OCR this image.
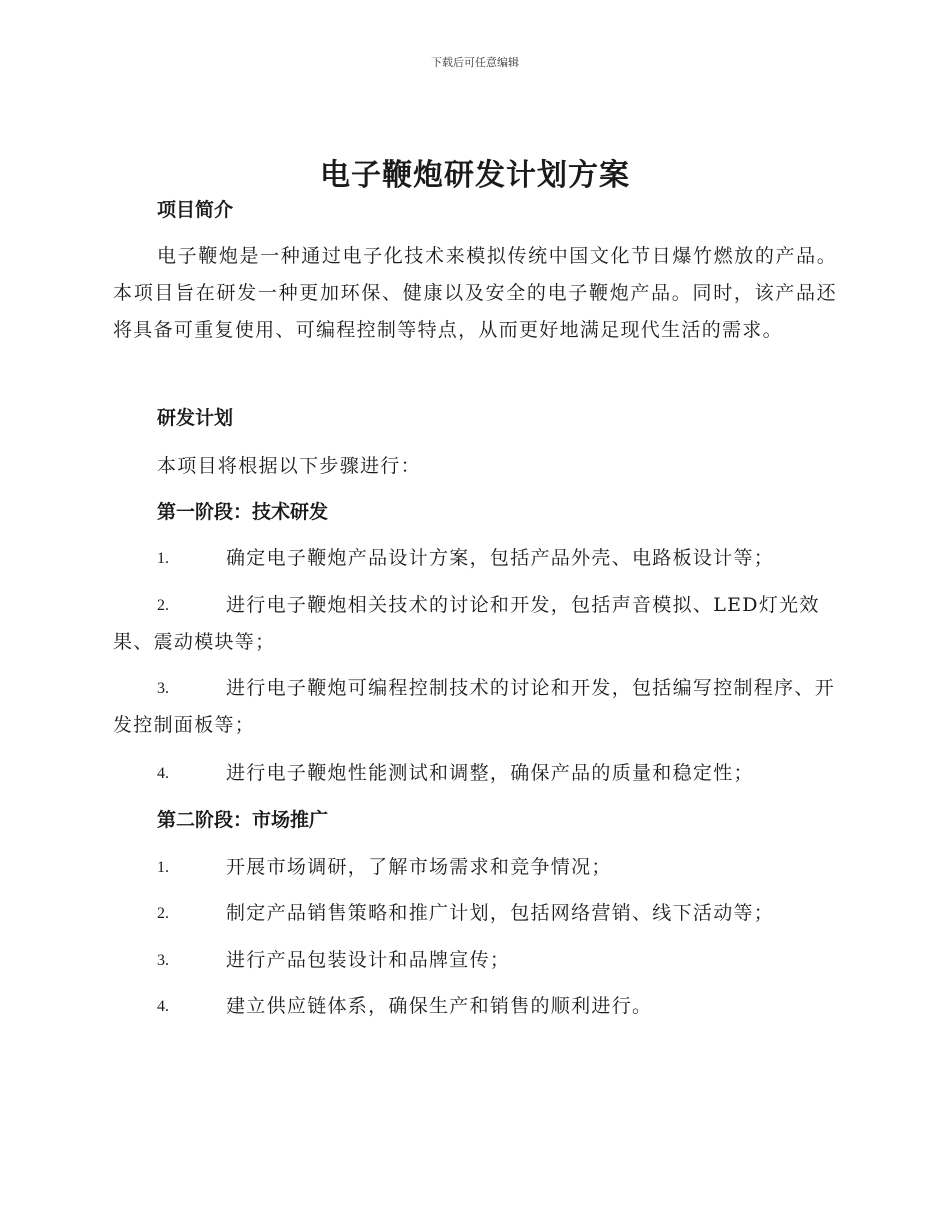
下载后可任意编辑
电子鞭炮研发计划方案
项目简介
电子鞭炮是一种通过电子化技术来模拟传统中国文化节日爆竹燃放的产品。本项目旨在研发一种更加环保、健康以及安全的电子鞭炮产品。同时，该产品还将具备可重复使用、可编程控制等特点，从而更好地满足现代生活的需求。
研发计划
本项目将根据以下步骤进行：
第一阶段：技术研发
1.	确定电子鞭炮产品设计方案，包括产品外壳、电路板设计等；
2.	进行电子鞭炮相关技术的讨论和开发，包括声音模拟、LED灯光效果、震动模块等；
3.	进行电子鞭炮可编程控制技术的讨论和开发，包括编写控制程序、开发控制面板等；
4.	进行电子鞭炮性能测试和调整，确保产品的质量和稳定性；
第二阶段：市场推广
1.	开展市场调研，了解市场需求和竞争情况；
2.	制定产品销售策略和推广计划，包括网络营销、线下活动等；
3.	进行产品包装设计和品牌宣传；
4.	建立供应链体系，确保生产和销售的顺利进行。
